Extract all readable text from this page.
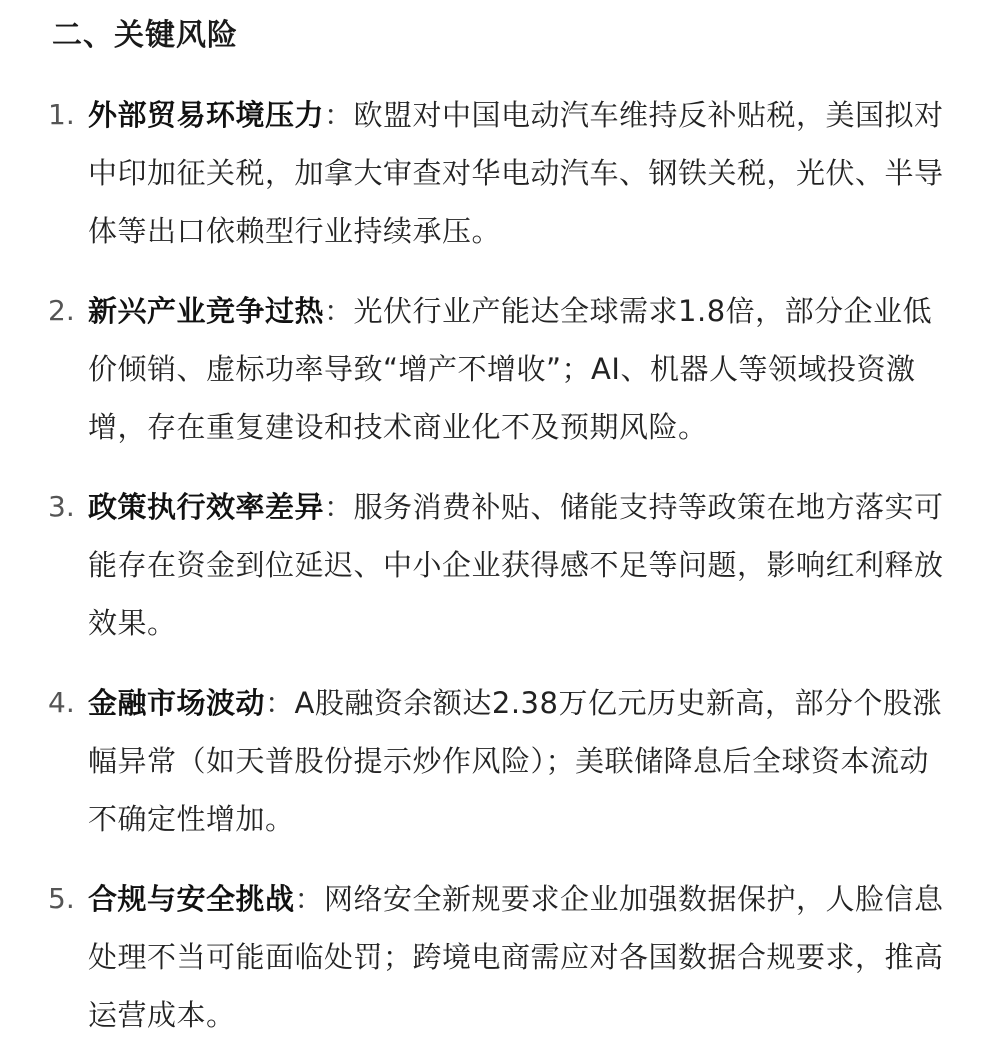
二、关键风险
1. 外部贸易环境压力：欧盟对中国电动汽车维持反补贴税，美国拟对中印加征关税，加拿大审查对华电动汽车、钢铁关税，光伏、半导体等出口依赖型行业持续承压。
2. 新兴产业竞争过热：光伏行业产能达全球需求1.8倍，部分企业低价倾销、虚标功率导致“增产不增收”；AI、机器人等领域投资激增，存在重复建设和技术商业化不及预期风险。
3. 政策执行效率差异：服务消费补贴、储能支持等政策在地方落实可能存在资金到位延迟、中小企业获得感不足等问题，影响红利释放效果。
4. 金融市场波动：A股融资余额达2.38万亿元历史新高，部分个股涨幅异常（如天普股份提示炒作风险）；美联储降息后全球资本流动不确定性增加。
5. 合规与安全挑战：网络安全新规要求企业加强数据保护，人脸信息处理不当可能面临处罚；跨境电商需应对各国数据合规要求，推高运营成本。
